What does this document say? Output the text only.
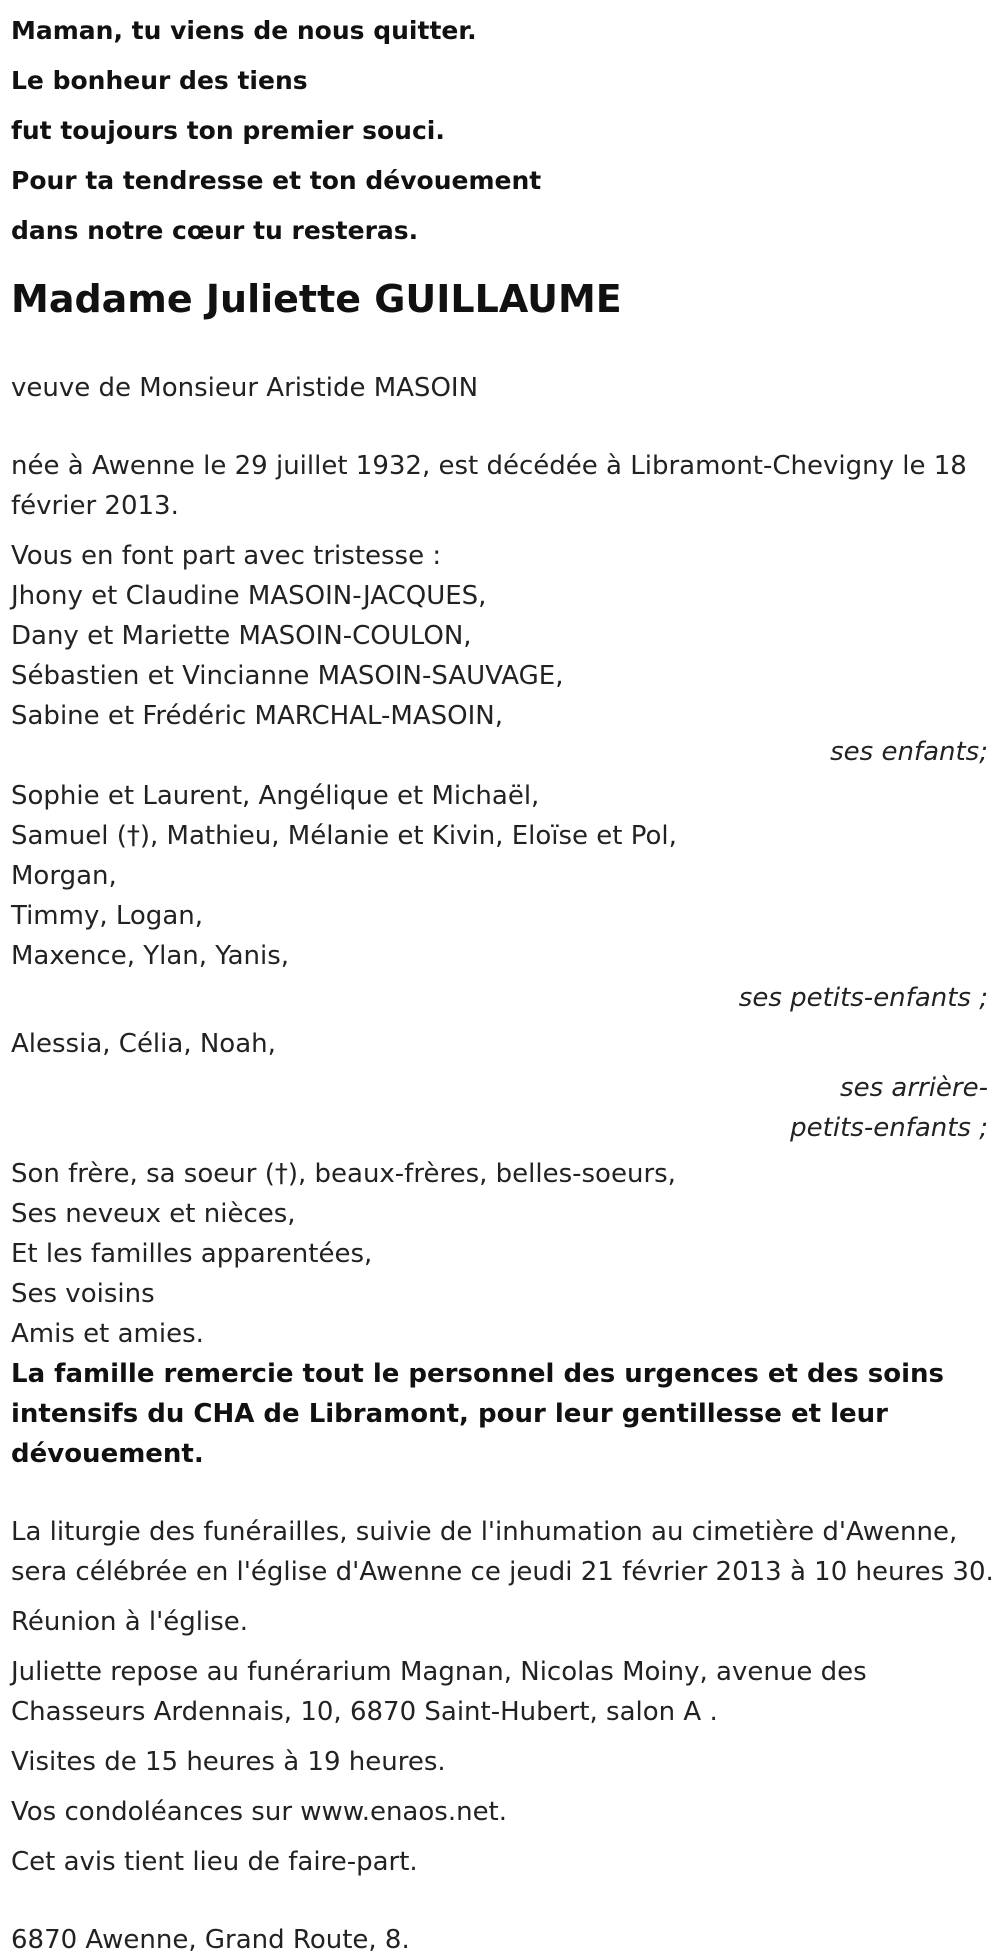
Maman, tu viens de nous quitter.
Le bonheur des tiens
fut toujours ton premier souci.
Pour ta tendresse et ton dévouement
dans notre cœur tu resteras.
Madame Juliette GUILLAUME

veuve de Monsieur Aristide MASOIN

née à Awenne le 29 juillet 1932, est décédée à Libramont-Chevigny le 18 février 2013.

Vous en font part avec tristesse :
Jhony et Claudine MASOIN-JACQUES,
Dany et Mariette MASOIN-COULON,
Sébastien et Vincianne MASOIN-SAUVAGE,
Sabine et Frédéric MARCHAL-MASOIN,
ses enfants;
Sophie et Laurent, Angélique et Michaël,
Samuel (†), Mathieu, Mélanie et Kivin, Eloïse et Pol,
Morgan,
Timmy, Logan,
Maxence, Ylan, Yanis,
ses petits-enfants ;
Alessia, Célia, Noah,
ses arrière-petits-enfants ;
Son frère, sa soeur (†), beaux-frères, belles-soeurs,
Ses neveux et nièces,
Et les familles apparentées,
Ses voisins
Amis et amies.

La famille remercie tout le personnel des urgences et des soins intensifs du CHA de Libramont, pour leur gentillesse et leur dévouement.

La liturgie des funérailles, suivie de l'inhumation au cimetière d'Awenne, sera célébrée en l'église d'Awenne ce jeudi 21 février 2013 à 10 heures 30.

Réunion à l'église.

Juliette repose au funérarium Magnan, Nicolas Moiny, avenue des Chasseurs Ardennais, 10, 6870 Saint-Hubert, salon A .

Visites de 15 heures à 19 heures.

Vos condoléances sur www.enaos.net.

Cet avis tient lieu de faire-part.

6870 Awenne, Grand Route, 8.
